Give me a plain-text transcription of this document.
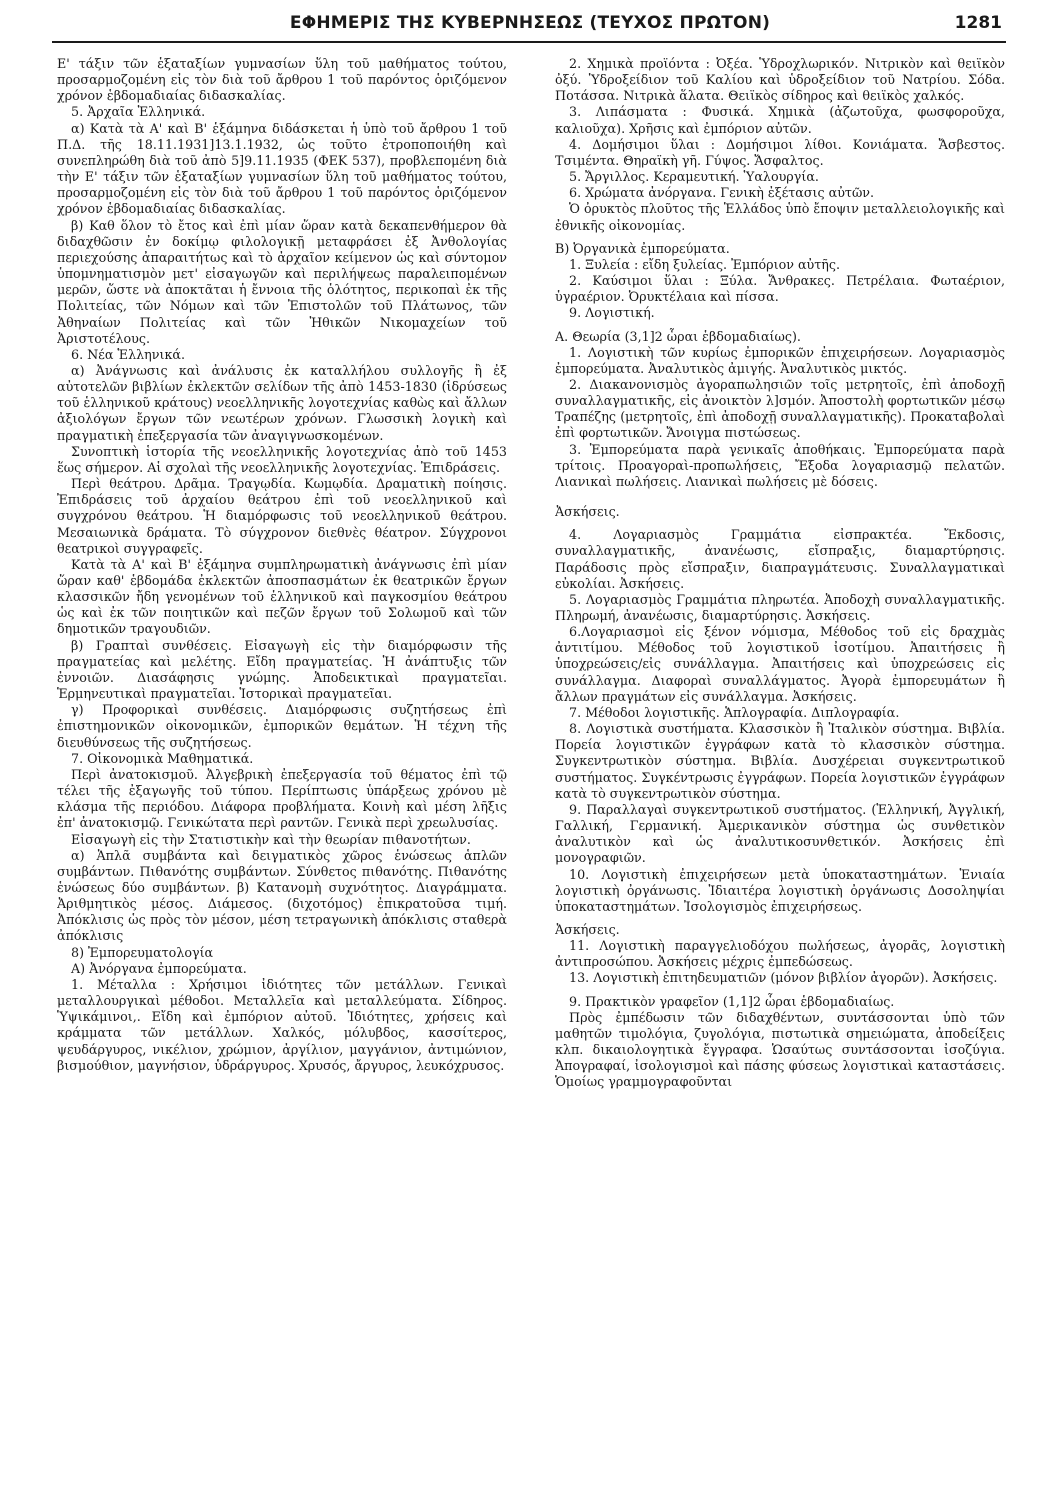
ΕΦΗΜΕΡΙΣ ΤΗΣ ΚΥΒΕΡΝΗΣΕΩΣ (ΤΕΥΧΟΣ ΠΡΩΤΟΝ)	1281

Ε' τάξιν τῶν ἑξαταξίων γυμνασίων ὕλη τοῦ μαθήματος τούτου, προσαρμοζομένη εἰς τὸν διὰ τοῦ ἄρθρου 1 τοῦ παρόντος ὁριζόμενον χρόνον ἑβδομαδιαίας διδασκαλίας.

5. Ἀρχαῖα Ἑλληνικά.

α) Κατὰ τὰ Α' καὶ Β' ἑξάμηνα διδάσκεται ἡ ὑπὸ τοῦ ἄρθρου 1 τοῦ Π.Δ. τῆς 18.11.1931]13.1.1932, ὡς τοῦτο ἐτροποποιήθη καὶ συνεπληρώθη διὰ τοῦ ἀπὸ 5]9.11.1935 (ΦΕΚ 537), προβλεπομένη διὰ τὴν Ε' τάξιν τῶν ἑξαταξίων γυμνασίων ὕλη τοῦ μαθήματος τούτου, προσαρμοζομένη εἰς τὸν διὰ τοῦ ἄρθρου 1 τοῦ παρόντος ὁριζόμενον χρόνον ἑβδομαδιαίας διδασκαλίας.

β) Καθ ὅλον τὸ ἔτος καὶ ἐπὶ μίαν ὥραν κατὰ δεκαπενθήμερον θὰ διδαχθῶσιν ἐν δοκίμῳ φιλολογικῇ μεταφράσει ἐξ Ἀνθολογίας περιεχούσης ἀπαραιτήτως καὶ τὸ ἀρχαῖον κείμενον ὡς καὶ σύντομον ὑπομνηματισμὸν μετ' εἰσαγωγῶν καὶ περιλήψεως παραλειπομένων μερῶν, ὥστε νὰ ἀποκτᾶται ἡ ἔννοια τῆς ὁλότητος, περικοπαὶ ἐκ τῆς Πολιτείας, τῶν Νόμων καὶ τῶν Ἐπιστολῶν τοῦ Πλάτωνος, τῶν Ἀθηναίων Πολιτείας καὶ τῶν Ἠθικῶν Νικομαχείων τοῦ Ἀριστοτέλους.

6. Νέα Ἑλληνικά.

α) Ἀνάγνωσις καὶ ἀνάλυσις ἐκ καταλλήλου συλλογῆς ἢ ἐξ αὐτοτελῶν βιβλίων ἐκλεκτῶν σελίδων τῆς ἀπὸ 1453-1830 (ἱδρύσεως τοῦ ἑλληνικοῦ κράτους) νεοελληνικῆς λογοτεχνίας καθὼς καὶ ἄλλων ἀξιολόγων ἔργων τῶν νεωτέρων χρόνων. Γλωσσικὴ λογικὴ καὶ πραγματικὴ ἐπεξεργασία τῶν ἀναγιγνωσκομένων.

Συνοπτικὴ ἱστορία τῆς νεοελληνικῆς λογοτεχνίας ἀπὸ τοῦ 1453 ἕως σήμερον. Αἱ σχολαὶ τῆς νεοελληνικῆς λογοτεχνίας. Ἐπιδράσεις.

Περὶ θεάτρου. Δρᾶμα. Τραγῳδία. Κωμῳδία. Δραματικὴ ποίησις. Ἐπιδράσεις τοῦ ἀρχαίου θεάτρου ἐπὶ τοῦ νεοελληνικοῦ καὶ συγχρόνου θεάτρου. Ἡ διαμόρφωσις τοῦ νεοελληνικοῦ θεάτρου. Μεσαιωνικὰ δράματα. Τὸ σύγχρονον διεθνὲς θέατρον. Σύγχρονοι θεατρικοὶ συγγραφεῖς.

Κατὰ τὰ Α' καὶ Β' ἑξάμηνα συμπληρωματικὴ ἀνάγνωσις ἐπὶ μίαν ὥραν καθ' ἑβδομάδα ἐκλεκτῶν ἀποσπασμάτων ἐκ θεατρικῶν ἔργων κλασσικῶν ἤδη γενομένων τοῦ ἑλληνικοῦ καὶ παγκοσμίου θεάτρου ὡς καὶ ἐκ τῶν ποιητικῶν καὶ πεζῶν ἔργων τοῦ Σολωμοῦ καὶ τῶν δημοτικῶν τραγουδιῶν.

β) Γραπταὶ συνθέσεις. Εἰσαγωγὴ εἰς τὴν διαμόρφωσιν τῆς πραγματείας καὶ μελέτης. Εἴδη πραγματείας. Ἡ ἀνάπτυξις τῶν ἐννοιῶν. Διασάφησις γνώμης. Ἀποδεικτικαὶ πραγματεῖαι. Ἑρμηνευτικαὶ πραγματεῖαι. Ἱστορικαὶ πραγματεῖαι.

γ) Προφορικαὶ συνθέσεις. Διαμόρφωσις συζητήσεως ἐπὶ ἐπιστημονικῶν οἰκονομικῶν, ἐμπορικῶν θεμάτων. Ἡ τέχνη τῆς διευθύνσεως τῆς συζητήσεως.

7. Οἰκονομικὰ Μαθηματικά.

Περὶ ἀνατοκισμοῦ. Ἀλγεβρικὴ ἐπεξεργασία τοῦ θέματος ἐπὶ τῷ τέλει τῆς ἐξαγωγῆς τοῦ τύπου. Περίπτωσις ὑπάρξεως χρόνου μὲ κλάσμα τῆς περιόδου. Διάφορα προβλήματα. Κοινὴ καὶ μέση λῆξις ἐπ' ἀνατοκισμῷ. Γενικώτατα περὶ ραντῶν. Γενικὰ περὶ χρεωλυσίας.

Εἰσαγωγὴ εἰς τὴν Στατιστικὴν καὶ τὴν θεωρίαν πιθανοτήτων.

α) Ἁπλᾶ συμβάντα καὶ δειγματικὸς χῶρος ἑνώσεως ἁπλῶν συμβάντων. Πιθανότης συμβάντων. Σύνθετος πιθανότης. Πιθανότης ἑνώσεως δύο συμβάντων. β) Κατανομὴ συχνότητος. Διαγράμματα. Ἀριθμητικὸς μέσος. Διάμεσος. (διχοτόμος) ἐπικρατοῦσα τιμή. Ἀπόκλισις ὡς πρὸς τὸν μέσον, μέση τετραγωνικὴ ἀπόκλισις σταθερὰ ἀπόκλισις

8) Ἐμπορευματολογία

Α) Ἀνόργανα ἐμπορεύματα.

1. Μέταλλα : Χρήσιμοι ἰδιότητες τῶν μετάλλων. Γενικαὶ μεταλλουργικαὶ μέθοδοι. Μεταλλεῖα καὶ μεταλλεύματα. Σίδηρος. Ὑψικάμινοι,. Εἴδη καὶ ἐμπόριον αὐτοῦ. Ἰδιότητες, χρήσεις καὶ κράμματα τῶν μετάλλων. Χαλκός, μόλυβδος, κασσίτερος, ψευδάργυρος, νικέλιον, χρώμιον, ἀργίλιον, μαγγάνιον, ἀντιμώνιον, βισμούθιον, μαγνήσιον, ὑδράργυρος. Χρυσός, ἄργυρος, λευκόχρυσος.

2. Χημικὰ προϊόντα : Ὀξέα. Ὑδροχλωρικόν. Νιτρικὸν καὶ θειϊκὸν ὀξύ. Ὑδροξείδιον τοῦ Καλίου καὶ ὑδροξείδιον τοῦ Νατρίου. Σόδα. Ποτάσσα. Νιτρικὰ ἅλατα. Θειϊκὸς σίδηρος καὶ θειϊκὸς χαλκός.

3. Λιπάσματα : Φυσικά. Χημικὰ (ἀζωτοῦχα, φωσφοροῦχα, καλιοῦχα). Χρῆσις καὶ ἐμπόριον αὐτῶν.

4. Δομήσιμοι ὕλαι : Δομήσιμοι λίθοι. Κονιάματα. Ἄσβεστος. Τσιμέντα. Θηραϊκὴ γῆ. Γύψος. Ἄσφαλτος.

5. Ἄργιλλος. Κεραμευτική. Ὑαλουργία.

6. Χρώματα ἀνόργανα. Γενικὴ ἐξέτασις αὐτῶν.

Ὁ ὀρυκτὸς πλοῦτος τῆς Ἑλλάδος ὑπὸ ἔποψιν μεταλλειολογικῆς καὶ ἐθνικῆς οἰκονομίας.

Β) Ὀργανικὰ ἐμπορεύματα.

1. Ξυλεία : εἴδη ξυλείας. Ἐμπόριον αὐτῆς.

2. Καύσιμοι ὕλαι : Ξύλα. Ἄνθρακες. Πετρέλαια. Φωταέριον, ὑγραέριον. Ὀρυκτέλαια καὶ πίσσα.

9. Λογιστική.

Α. Θεωρία (3,1]2 ὧραι ἑβδομαδιαίως).

1. Λογιστικὴ τῶν κυρίως ἐμπορικῶν ἐπιχειρήσεων. Λογαριασμὸς ἐμπορεύματα. Ἀναλυτικὸς ἀμιγής. Ἀναλυτικὸς μικτός.

2. Διακανονισμὸς ἀγοραπωλησιῶν τοῖς μετρητοῖς, ἐπὶ ἀποδοχῇ συναλλαγματικῆς, εἰς ἀνοικτὸν λ]σμόν. Ἀποστολὴ φορτωτικῶν μέσῳ Τραπέζης (μετρητοῖς, ἐπὶ ἀποδοχῇ συναλλαγματικῆς). Προκαταβολαὶ ἐπὶ φορτωτικῶν. Ἄνοιγμα πιστώσεως.

3. Ἐμπορεύματα παρὰ γενικαῖς ἀποθήκαις. Ἐμπορεύματα παρὰ τρίτοις. Προαγοραὶ-προπωλήσεις, Ἔξοδα λογαριασμῷ πελατῶν. Λιανικαὶ πωλήσεις. Λιανικαὶ πωλήσεις μὲ δόσεις.

Ἀσκήσεις.

4. Λογαριασμὸς Γραμμάτια εἰσπρακτέα. Ἔκδοσις, συναλλαγματικῆς, ἀνανέωσις, εἴσπραξις, διαμαρτύρησις. Παράδοσις πρὸς εἴσπραξιν, διαπραγμάτευσις. Συναλλαγματικαὶ εὐκολίαι. Ἀσκήσεις.

5. Λογαριασμὸς Γραμμάτια πληρωτέα. Ἀποδοχὴ συναλλαγματικῆς. Πληρωμή, ἀνανέωσις, διαμαρτύρησις. Ἀσκήσεις.

6.Λογαριασμοὶ εἰς ξένον νόμισμα, Μέθοδος τοῦ εἰς δραχμὰς ἀντιτίμου. Μέθοδος τοῦ λογιστικοῦ ἰσοτίμου. Ἀπαιτήσεις ἢ ὑποχρεώσεις/εἰς συνάλλαγμα. Ἀπαιτήσεις καὶ ὑποχρεώσεις εἰς συνάλλαγμα. Διαφοραὶ συναλλάγματος. Ἀγορὰ ἐμπορευμάτων ἢ ἄλλων πραγμάτων εἰς συνάλλαγμα. Ἀσκήσεις.

7. Μέθοδοι λογιστικῆς. Ἁπλογραφία. Διπλογραφία.

8. Λογιστικὰ συστήματα. Κλασσικὸν ἢ Ἰταλικὸν σύστημα. Βιβλία. Πορεία λογιστικῶν ἐγγράφων κατὰ τὸ κλασσικὸν σύστημα. Συγκεντρωτικὸν σύστημα. Βιβλία. Δυσχέρειαι συγκεντρωτικοῦ συστήματος. Συγκέντρωσις ἐγγράφων. Πορεία λογιστικῶν ἐγγράφων κατὰ τὸ συγκεντρωτικὸν σύστημα.

9. Παραλλαγαὶ συγκεντρωτικοῦ συστήματος. (Ἑλληνική, Ἀγγλική, Γαλλική, Γερμανική. Ἀμερικανικὸν σύστημα ὡς συνθετικὸν ἀναλυτικὸν καὶ ὡς ἀναλυτικοσυνθετικόν. Ἀσκήσεις ἐπὶ μονογραφιῶν.

10. Λογιστικὴ ἐπιχειρήσεων μετὰ ὑποκαταστημάτων. Ἑνιαία λογιστικὴ ὀργάνωσις. Ἰδιαιτέρα λογιστικὴ ὀργάνωσις Δοσοληψίαι ὑποκαταστημάτων. Ἰσολογισμὸς ἐπιχειρήσεως.

Ἀσκήσεις.

11. Λογιστικὴ παραγγελιοδόχου πωλήσεως, ἀγορᾶς, λογιστικὴ ἀντιπροσώπου. Ἀσκήσεις μέχρις ἐμπεδώσεως.

13. Λογιστικὴ ἐπιτηδευματιῶν (μόνον βιβλίον ἀγορῶν). Ἀσκήσεις.

9. Πρακτικὸν γραφεῖον (1,1]2 ὧραι ἑβδομαδιαίως.

Πρὸς ἐμπέδωσιν τῶν διδαχθέντων, συντάσσονται ὑπὸ τῶν μαθητῶν τιμολόγια, ζυγολόγια, πιστωτικὰ σημειώματα, ἀποδείξεις κλπ. δικαιολογητικὰ ἔγγραφα. Ὡσαύτως συντάσσονται ἰσοζύγια. Ἀπογραφαί, ἰσολογισμοὶ καὶ πάσης φύσεως λογιστικαὶ καταστάσεις. Ὁμοίως γραμμογραφοῦνται
